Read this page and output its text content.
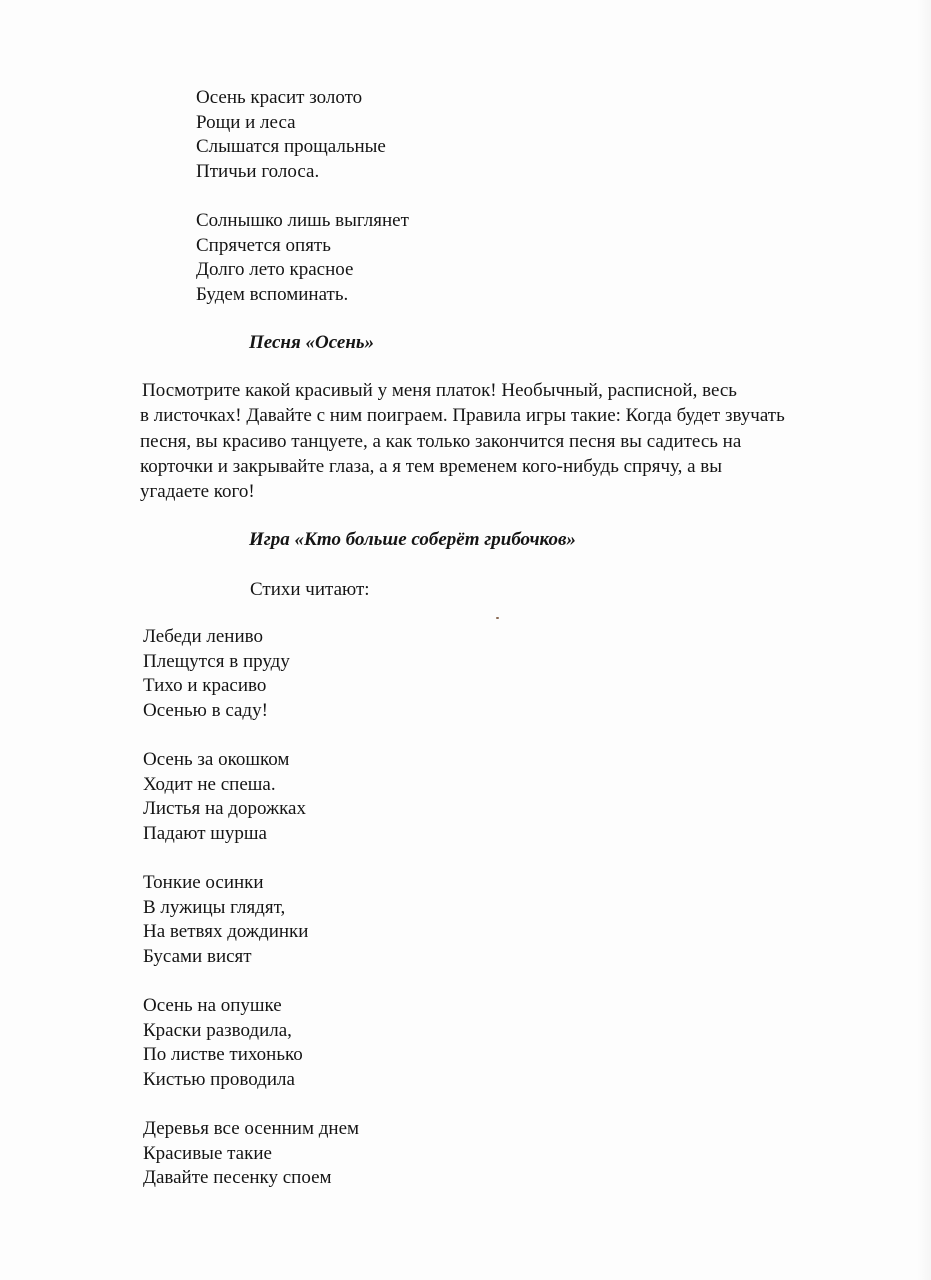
Осень красит золото
Рощи и леса
Слышатся прощальные
Птичьи голоса.
Солнышко лишь выглянет
Спрячется опять
Долго лето красное
Будем вспоминать.
Песня «Осень»
Посмотрите какой красивый у меня платок! Необычный, расписной, весь
в листочках! Давайте с ним поиграем. Правила игры такие: Когда будет звучать
песня, вы красиво танцуете, а как только закончится песня вы садитесь на
корточки и закрывайте глаза, а я тем временем кого-нибудь спрячу, а вы
угадаете кого!
Игра «Кто больше соберёт грибочков»
Стихи читают:
Лебеди лениво
Плещутся в пруду
Тихо и красиво
Осенью в саду!
Осень за окошком
Ходит не спеша.
Листья на дорожках
Падают шурша
Тонкие осинки
В лужицы глядят,
На ветвях дождинки
Бусами висят
Осень на опушке
Краски разводила,
По листве тихонько
Кистью проводила
Деревья все осенним днем
Красивые такие
Давайте песенку споем
